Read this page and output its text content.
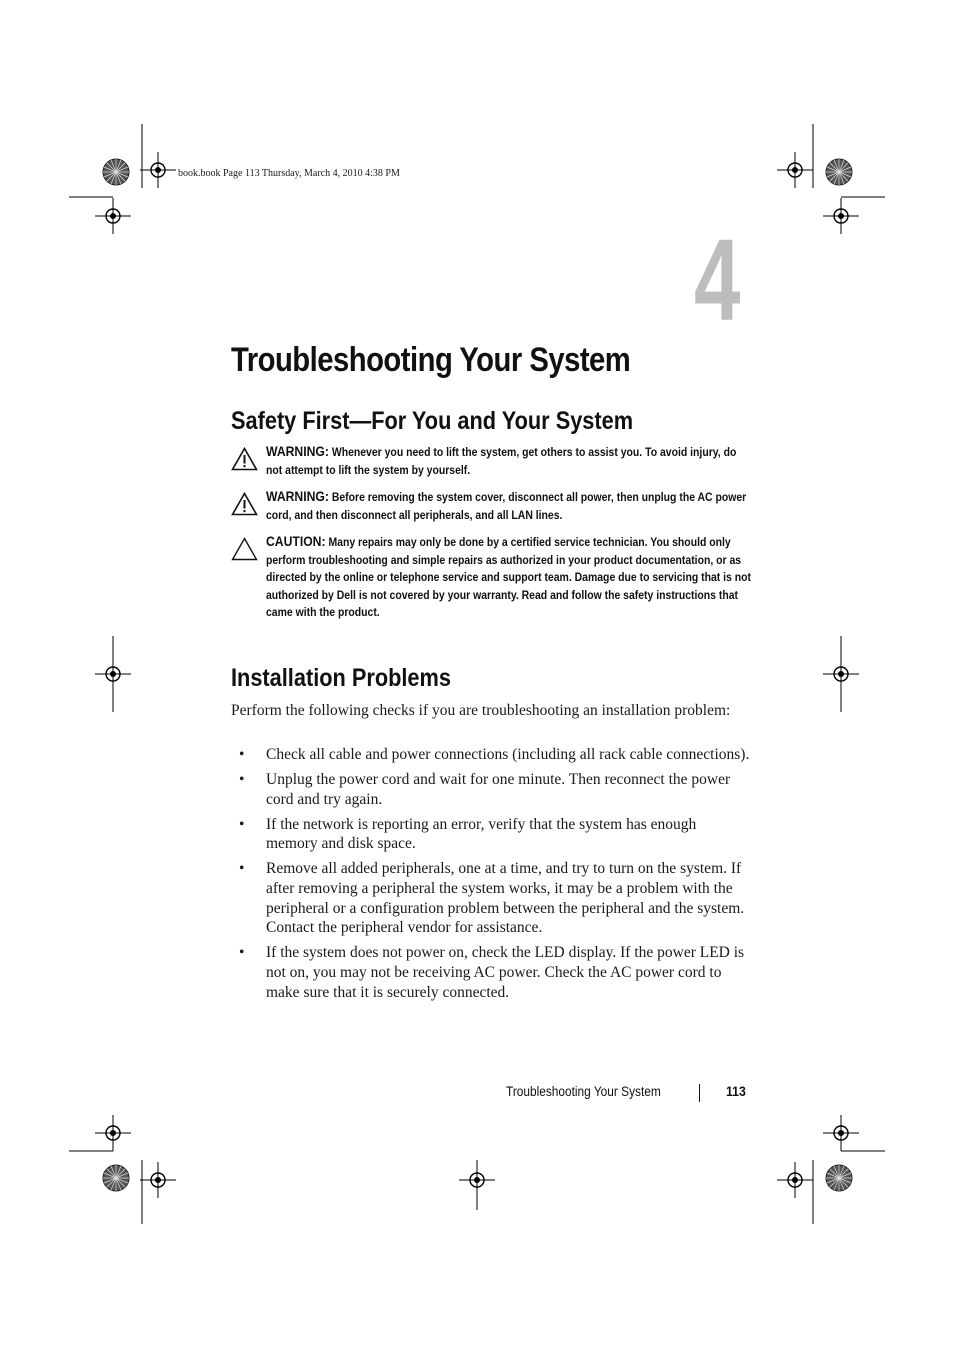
book.book Page 113 Thursday, March 4, 2010 4:38 PM
4
Troubleshooting Your System
Safety First—For You and Your System
WARNING: Whenever you need to lift the system, get others to assist you. To avoid injury, do not attempt to lift the system by yourself.
WARNING: Before removing the system cover, disconnect all power, then unplug the AC power cord, and then disconnect all peripherals, and all LAN lines.
CAUTION: Many repairs may only be done by a certified service technician. You should only perform troubleshooting and simple repairs as authorized in your product documentation, or as directed by the online or telephone service and support team. Damage due to servicing that is not authorized by Dell is not covered by your warranty. Read and follow the safety instructions that came with the product.
Installation Problems
Perform the following checks if you are troubleshooting an installation problem:
• Check all cable and power connections (including all rack cable connections).
• Unplug the power cord and wait for one minute. Then reconnect the power cord and try again.
• If the network is reporting an error, verify that the system has enough memory and disk space.
• Remove all added peripherals, one at a time, and try to turn on the system. If after removing a peripheral the system works, it may be a problem with the peripheral or a configuration problem between the peripheral and the system. Contact the peripheral vendor for assistance.
• If the system does not power on, check the LED display. If the power LED is not on, you may not be receiving AC power. Check the AC power cord to make sure that it is securely connected.
Troubleshooting Your System	113
